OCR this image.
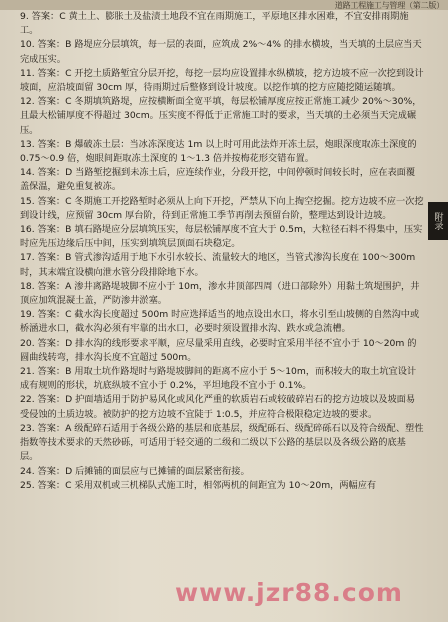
道路工程施工与管理（第二版）

9. 答案：C 黄土上、膨胀土及盐渍土地段不宜在雨期施工，平原地区排水困难，不宜安排雨期施工。

10. 答案：B 路堤应分层填筑，每一层的表面，应筑成 2%～4% 的排水横坡，当天填的土层应当天完成压实。

11. 答案：C 开挖土质路堑宜分层开挖，每挖一层均应设置排水纵横坡，挖方边坡不应一次挖到设计坡面，应沿坡面留 30cm 厚，待雨期过后整修到设计坡度。以挖作填的挖方应随挖随运随填。

12. 答案：C 冬期填筑路堤，应按横断面全宽平填，每层松铺厚度应按正常施工减少 20%～30%，且最大松铺厚度不得超过 30cm。压实度不得低于正常施工时的要求，当天填的土必须当天完成碾压。

13. 答案：B 爆破冻土层：当冰冻深度达 1m 以上时可用此法炸开冻土层，炮眼深度取冻土深度的 0.75～0.9 倍，炮眼间距取冻土深度的 1～1.3 倍并按梅花形交错布置。

14. 答案：D 当路堑挖掘到未冻土后，应连续作业，分段开挖，中间停顿时间较长时，应在表面覆盖保温，避免重复被冻。

15. 答案：C 冬期施工开挖路堑时必须从上向下开挖，严禁从下向上掏空挖掘。挖方边坡不应一次挖到设计线，应预留 30cm 厚台阶，待到正常施工季节再削去预留台阶，整理达到设计边坡。

16. 答案：B 填石路堤应分层填筑压实，每层松铺厚度不宜大于 0.5m，大粒径石料不得集中，压实时应先压边缘后压中间，压实到填筑层顶面石块稳定。

17. 答案：B 管式渗沟适用于地下水引水较长、流量较大的地区，当管式渗沟长度在 100～300m 时，其末端宜设横向泄水管分段排除地下水。

18. 答案：A 渗井离路堤坡脚不应小于 10m，渗水井顶部四周（进口部除外）用黏土筑堤围护，井顶应加筑混凝土盖，严防渗井淤塞。

19. 答案：C 截水沟长度超过 500m 时应选择适当的地点设出水口，将水引至山坡侧的自然沟中或桥涵进水口，截水沟必须有牢靠的出水口，必要时须设置排水沟、跌水或急流槽。

20. 答案：D 排水沟的线形要求平顺，应尽量采用直线，必要时宜采用半径不宜小于 10～20m 的圆曲线转弯，排水沟长度不宜超过 500m。

21. 答案：B 用取土坑作路堤时与路堤坡脚间的距离不应小于 5～10m，而积较大的取土坑宜设计成有规则的形状，坑底纵坡不宜小于 0.2%，平坦地段不宜小于 0.1%。

22. 答案：D 护面墙适用于防护易风化或风化严重的软质岩石或较破碎岩石的挖方边坡以及坡面易受侵蚀的土质边坡。被防护的挖方边坡不宜陡于 1:0.5，并应符合极限稳定边坡的要求。

23. 答案：A 级配碎石适用于各级公路的基层和底基层，级配砾石、级配碎砾石以及符合级配、塑性指数等技术要求的天然砂砾，可适用于轻交通的二级和二级以下公路的基层以及各级公路的底基层。

24. 答案：D 后摊铺的面层应与已摊铺的面层紧密衔接。

25. 答案：C 采用双机或三机梯队式施工时，相邻两机的间距宜为 10～20m，两幅应有

附录
www.jzr88.com
